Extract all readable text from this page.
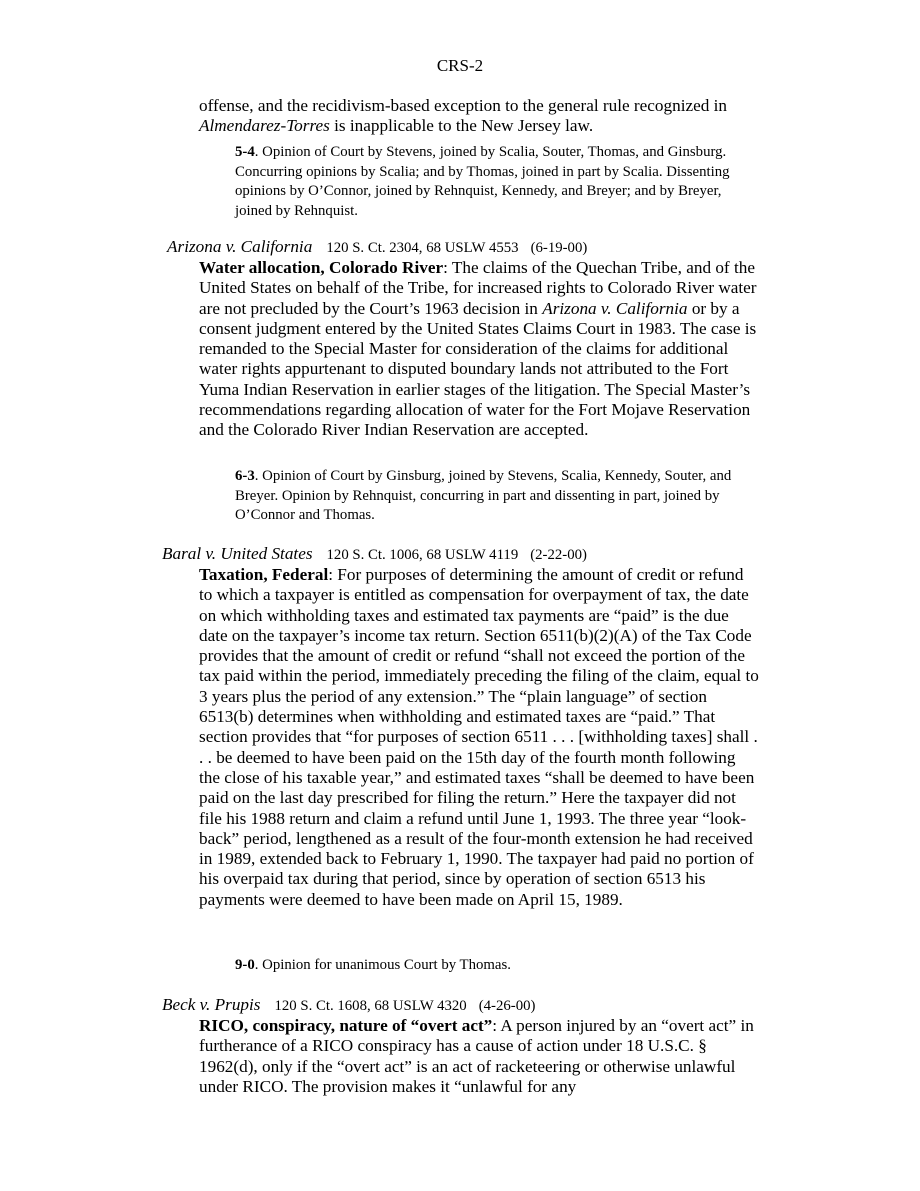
CRS-2
offense, and the recidivism-based exception to the general rule recognized in Almendarez-Torres is inapplicable to the New Jersey law.
5-4. Opinion of Court by Stevens, joined by Scalia, Souter, Thomas, and Ginsburg. Concurring opinions by Scalia; and by Thomas, joined in part by Scalia. Dissenting opinions by O’Connor, joined by Rehnquist, Kennedy, and Breyer; and by Breyer, joined by Rehnquist.
Arizona v. California 120 S. Ct. 2304, 68 USLW 4553 (6-19-00)
Water allocation, Colorado River: The claims of the Quechan Tribe, and of the United States on behalf of the Tribe, for increased rights to Colorado River water are not precluded by the Court’s 1963 decision in Arizona v. California or by a consent judgment entered by the United States Claims Court in 1983. The case is remanded to the Special Master for consideration of the claims for additional water rights appurtenant to disputed boundary lands not attributed to the Fort Yuma Indian Reservation in earlier stages of the litigation. The Special Master’s recommendations regarding allocation of water for the Fort Mojave Reservation and the Colorado River Indian Reservation are accepted.
6-3. Opinion of Court by Ginsburg, joined by Stevens, Scalia, Kennedy, Souter, and Breyer. Opinion by Rehnquist, concurring in part and dissenting in part, joined by O’Connor and Thomas.
Baral v. United States 120 S. Ct. 1006, 68 USLW 4119 (2-22-00)
Taxation, Federal: For purposes of determining the amount of credit or refund to which a taxpayer is entitled as compensation for overpayment of tax, the date on which withholding taxes and estimated tax payments are “paid” is the due date on the taxpayer’s income tax return. Section 6511(b)(2)(A) of the Tax Code provides that the amount of credit or refund “shall not exceed the portion of the tax paid within the period, immediately preceding the filing of the claim, equal to 3 years plus the period of any extension.” The “plain language” of section 6513(b) determines when withholding and estimated taxes are “paid.” That section provides that “for purposes of section 6511 . . . [withholding taxes] shall . . . be deemed to have been paid on the 15th day of the fourth month following the close of his taxable year,” and estimated taxes “shall be deemed to have been paid on the last day prescribed for filing the return.” Here the taxpayer did not file his 1988 return and claim a refund until June 1, 1993. The three year “look-back” period, lengthened as a result of the four-month extension he had received in 1989, extended back to February 1, 1990. The taxpayer had paid no portion of his overpaid tax during that period, since by operation of section 6513 his payments were deemed to have been made on April 15, 1989.
9-0. Opinion for unanimous Court by Thomas.
Beck v. Prupis 120 S. Ct. 1608, 68 USLW 4320 (4-26-00)
RICO, conspiracy, nature of “overt act”: A person injured by an “overt act” in furtherance of a RICO conspiracy has a cause of action under 18 U.S.C. § 1962(d), only if the “overt act” is an act of racketeering or otherwise unlawful under RICO. The provision makes it “unlawful for any
